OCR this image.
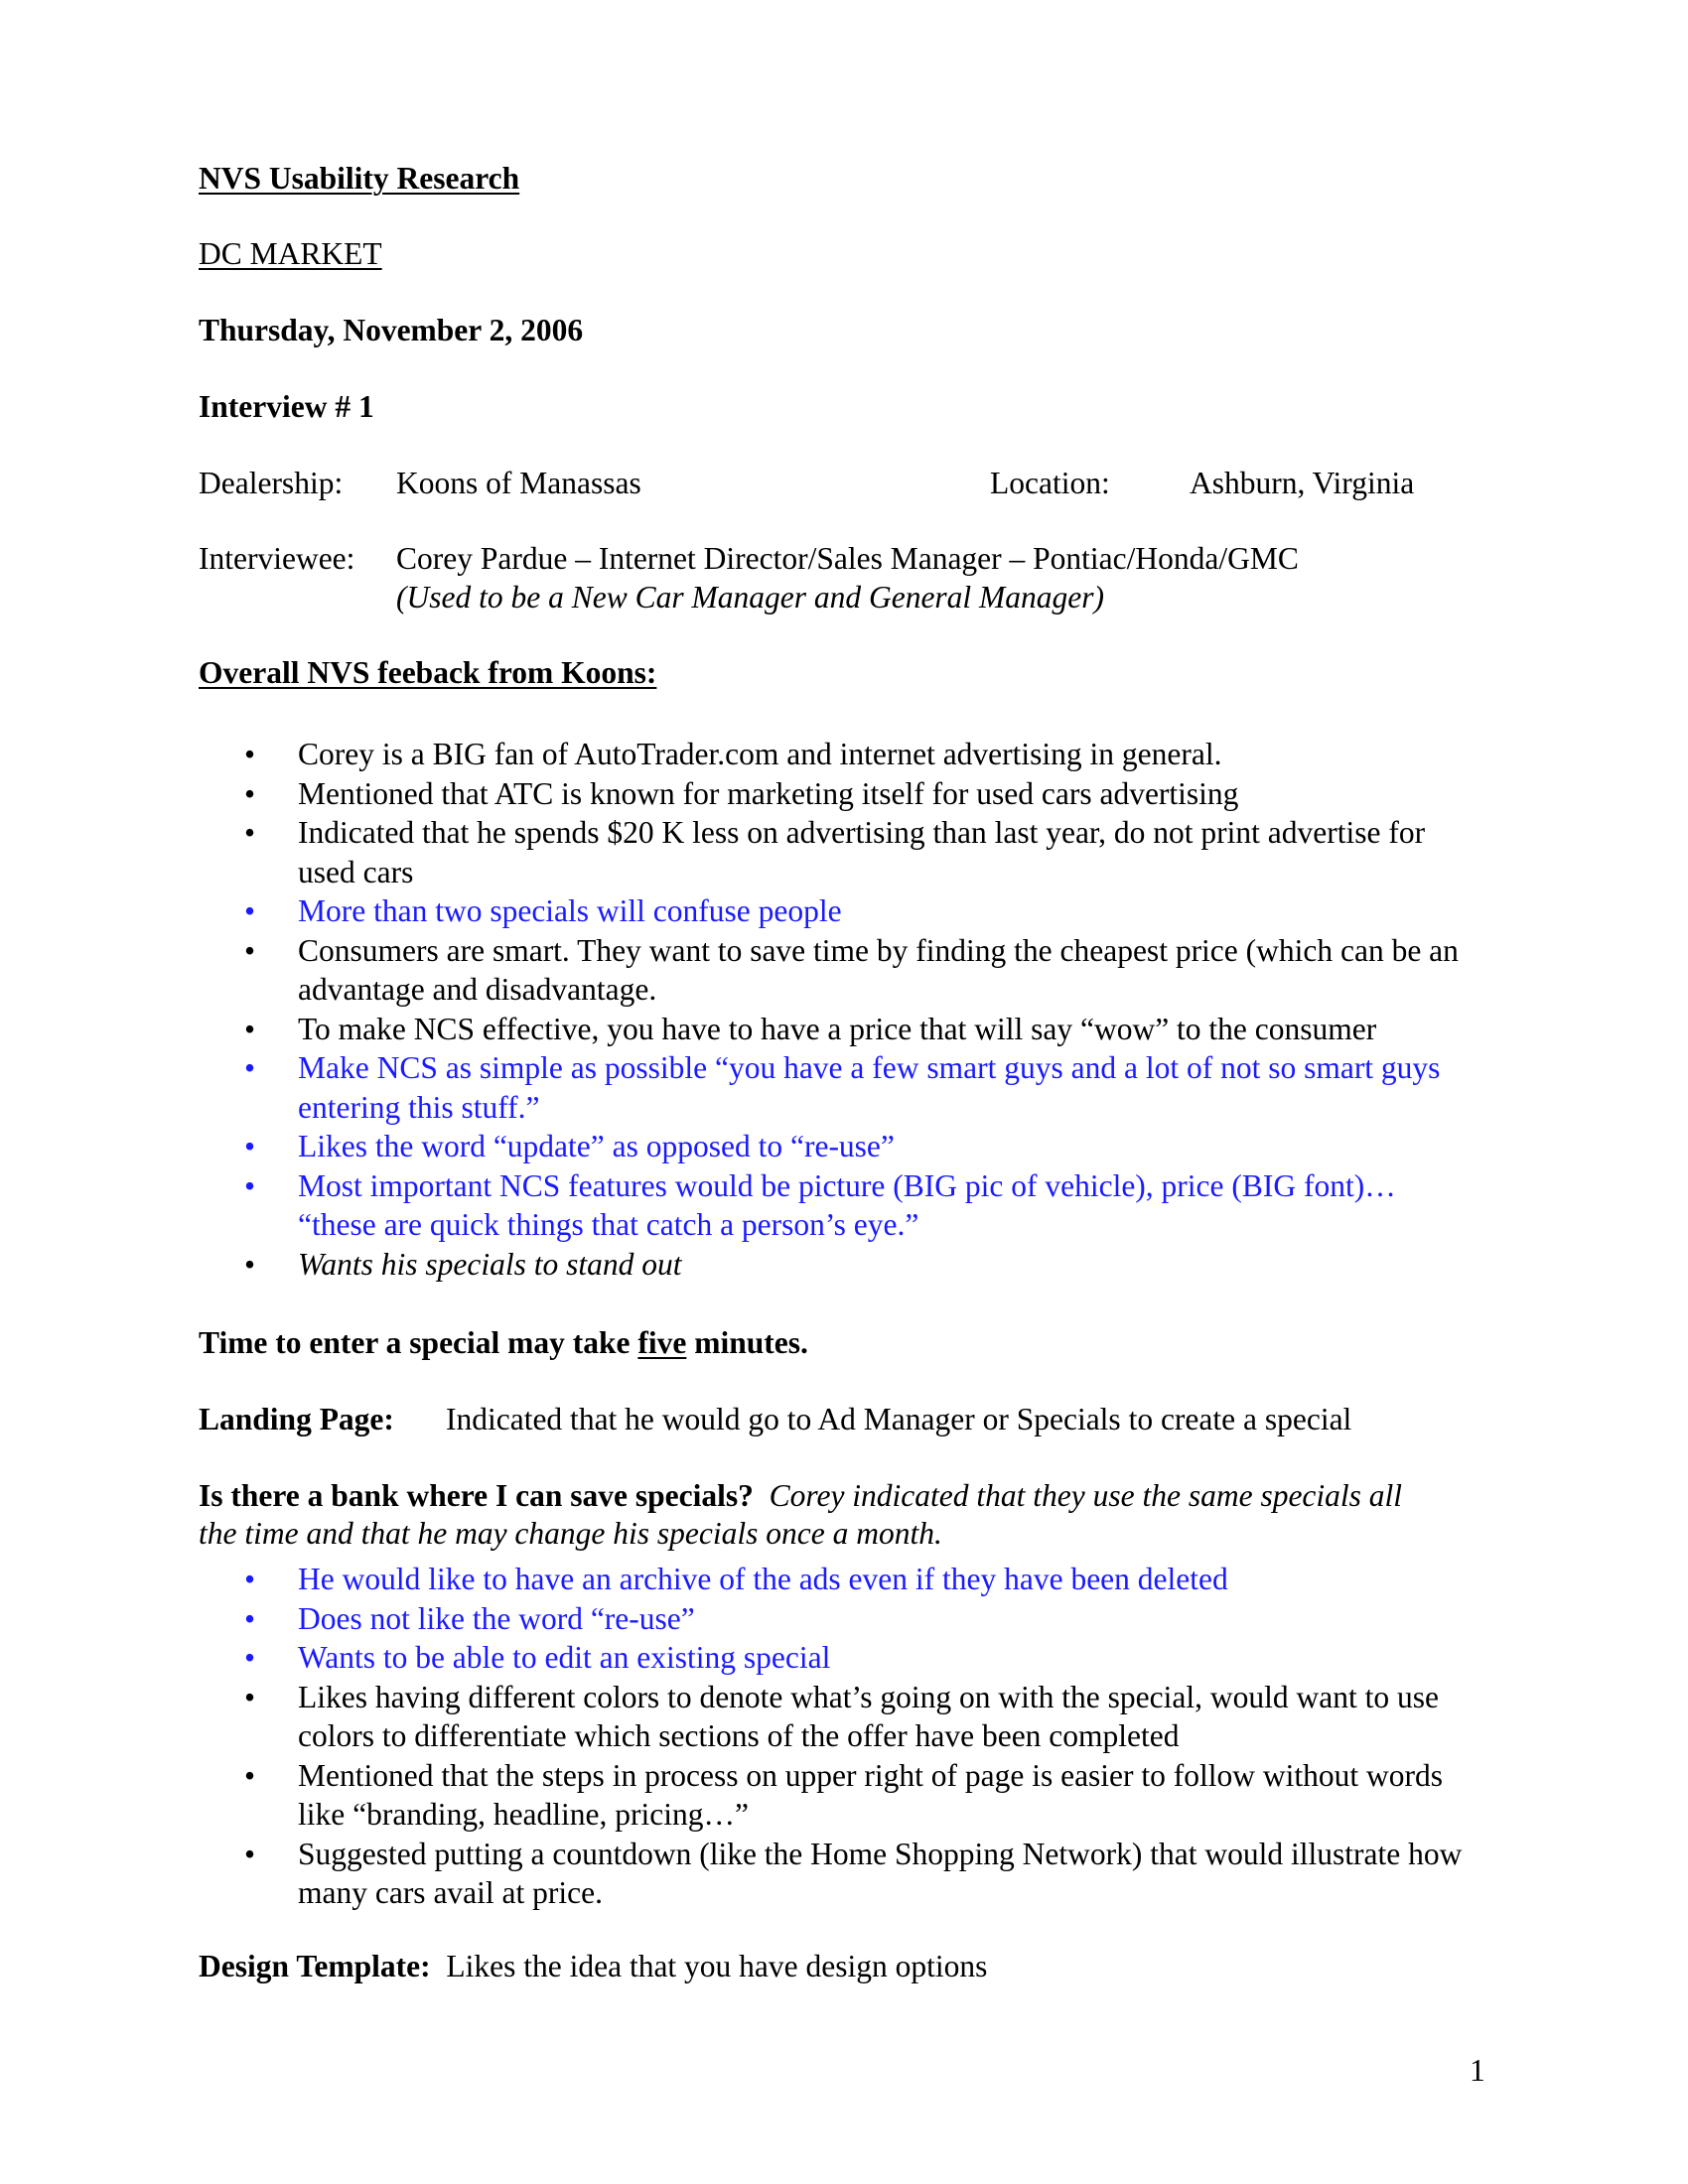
NVS Usability Research
DC MARKET
Thursday, November 2, 2006
Interview # 1
Dealership: Koons of Manassas	Location:	Ashburn, Virginia
Interviewee: Corey Pardue – Internet Director/Sales Manager – Pontiac/Honda/GMC
(Used to be a New Car Manager and General Manager)
Overall NVS feeback from Koons:
• Corey is a BIG fan of AutoTrader.com and internet advertising in general.
• Mentioned that ATC is known for marketing itself for used cars advertising
• Indicated that he spends $20 K less on advertising than last year, do not print advertise for used cars
• More than two specials will confuse people
• Consumers are smart. They want to save time by finding the cheapest price (which can be an advantage and disadvantage.
• To make NCS effective, you have to have a price that will say “wow” to the consumer
• Make NCS as simple as possible “you have a few smart guys and a lot of not so smart guys entering this stuff.”
• Likes the word “update” as opposed to “re-use”
• Most important NCS features would be picture (BIG pic of vehicle), price (BIG font)… “these are quick things that catch a person’s eye.”
• Wants his specials to stand out
Time to enter a special may take five minutes.
Landing Page: Indicated that he would go to Ad Manager or Specials to create a special
Is there a bank where I can save specials? Corey indicated that they use the same specials all
the time and that he may change his specials once a month.
• He would like to have an archive of the ads even if they have been deleted
• Does not like the word “re-use”
• Wants to be able to edit an existing special
• Likes having different colors to denote what’s going on with the special, would want to use colors to differentiate which sections of the offer have been completed
• Mentioned that the steps in process on upper right of page is easier to follow without words like “branding, headline, pricing…”
• Suggested putting a countdown (like the Home Shopping Network) that would illustrate how many cars avail at price.
Design Template: Likes the idea that you have design options
1
